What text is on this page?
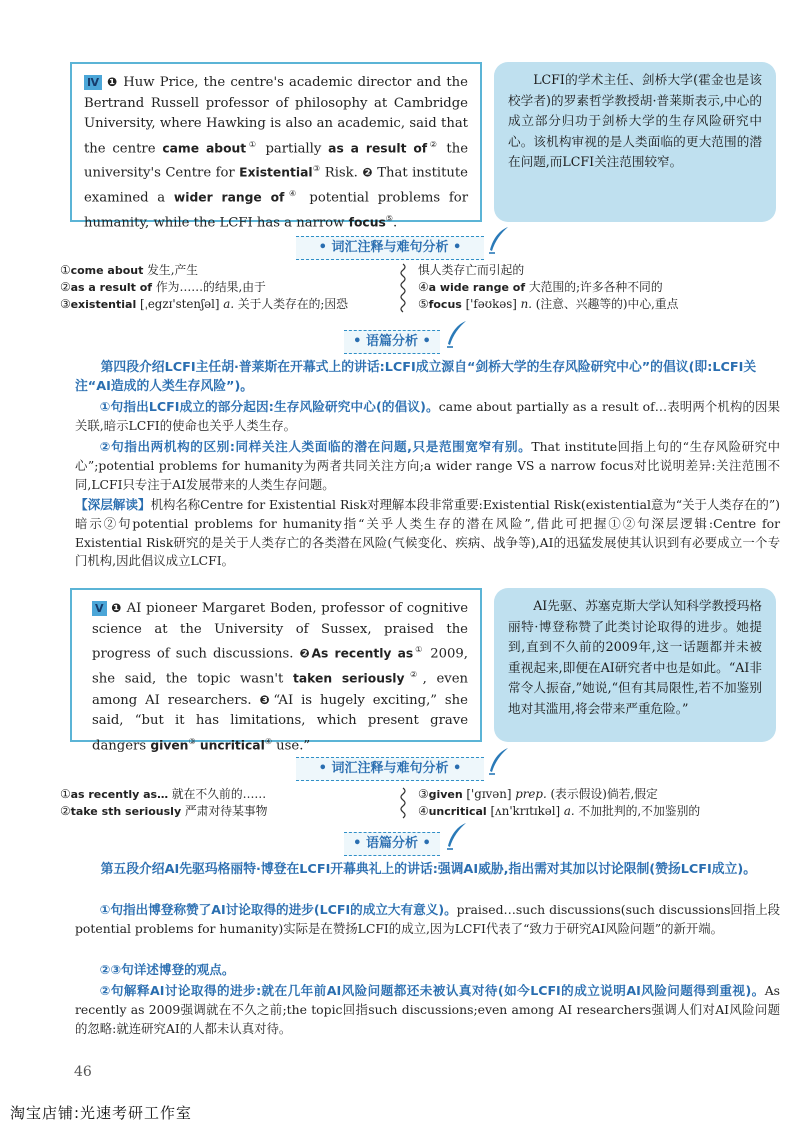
Ⅳ ❶ Huw Price, the centre's academic director and the Bertrand Russell professor of philosophy at Cambridge University, where Hawking is also an academic, said that the centre came about① partially as a result of② the university's Centre for Existential③ Risk. ❷ That institute examined a wider range of④ potential problems for humanity, while the LCFI has a narrow focus⑤.
LCFI的学术主任、剑桥大学(霍金也是该校学者)的罗素哲学教授胡·普莱斯表示,中心的成立部分归功于剑桥大学的生存风险研究中心。该机构审视的是人类面临的更大范围的潜在问题,而LCFI关注范围较窄。
• 词汇注释与难句分析 •
①come about 发生,产生
②as a result of 作为……的结果,由于
③existential [ˌegzɪ'stenʃəl] a. 关于人类存在的;因恐
惧人类存亡而引起的
④a wide range of 大范围的;许多各种不同的
⑤focus ['fəʊkəs] n. (注意、兴趣等的)中心,重点
• 语篇分析 •
第四段介绍LCFI主任胡·普莱斯在开幕式上的讲话:LCFI成立源自“剑桥大学的生存风险研究中心”的倡议(即:LCFI关注“AI造成的人类生存风险”)。
①句指出LCFI成立的部分起因:生存风险研究中心(的倡议)。came about partially as a result of…表明两个机构的因果关联,暗示LCFI的使命也关乎人类生存。
②句指出两机构的区别:同样关注人类面临的潜在问题,只是范围宽窄有别。That institute回指上句的“生存风险研究中心”;potential problems for humanity为两者共同关注方向;a wider range VS a narrow focus对比说明差异:关注范围不同,LCFI只专注于AI发展带来的人类生存问题。
【深层解读】机构名称Centre for Existential Risk对理解本段非常重要:Existential Risk(existential意为“关于人类存在的”)暗示②句potential problems for humanity指“关乎人类生存的潜在风险”,借此可把握①②句深层逻辑:Centre for Existential Risk研究的是关于人类存亡的各类潜在风险(气候变化、疾病、战争等),AI的迅猛发展使其认识到有必要成立一个专门机构,因此倡议成立LCFI。
Ⅴ ❶ AI pioneer Margaret Boden, professor of cognitive science at the University of Sussex, praised the progress of such discussions. ❷As recently as① 2009, she said, the topic wasn't taken seriously②, even among AI researchers. ❸“AI is hugely exciting,” she said, “but it has limitations, which present grave dangers given③ uncritical④ use.”
AI先驱、苏塞克斯大学认知科学教授玛格丽特·博登称赞了此类讨论取得的进步。她提到,直到不久前的2009年,这一话题都并未被重视起来,即便在AI研究者中也是如此。“AI非常令人振奋,”她说,“但有其局限性,若不加鉴别地对其滥用,将会带来严重危险。”
• 词汇注释与难句分析 •
①as recently as… 就在不久前的……
②take sth seriously 严肃对待某事物
③given ['gɪvən] prep. (表示假设)倘若,假定
④uncritical [ʌn'krɪtɪkəl] a. 不加批判的,不加鉴别的
• 语篇分析 •
第五段介绍AI先驱玛格丽特·博登在LCFI开幕典礼上的讲话:强调AI威胁,指出需对其加以讨论限制(赞扬LCFI成立)。
①句指出博登称赞了AI讨论取得的进步(LCFI的成立大有意义)。praised…such discussions(such discussions回指上段potential problems for humanity)实际是在赞扬LCFI的成立,因为LCFI代表了“致力于研究AI风险问题”的新开端。
②③句详述博登的观点。
②句解释AI讨论取得的进步:就在几年前AI风险问题都还未被认真对待(如今LCFI的成立说明AI风险问题得到重视)。As recently as 2009强调就在不久之前;the topic回指such discussions;even among AI researchers强调人们对AI风险问题的忽略:就连研究AI的人都未认真对待。
46
淘宝店铺:光速考研工作室
